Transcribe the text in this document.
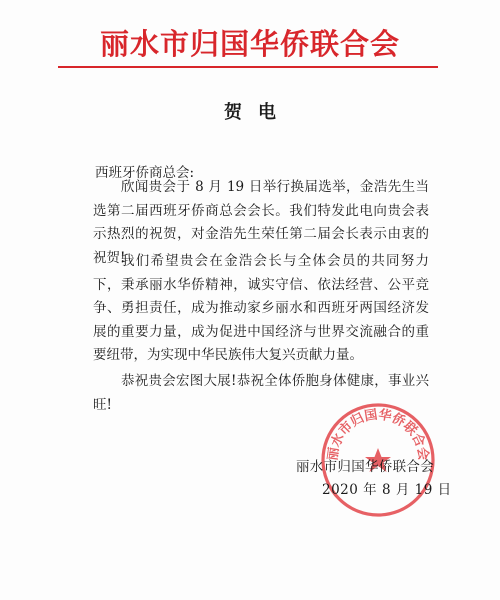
丽水市归国华侨联合会
贺电
西班牙侨商总会:
欣闻贵会于 8 月 19 日举行换届选举，金浩先生当选第二届西班牙侨商总会会长。我们特发此电向贵会表示热烈的祝贺，对金浩先生荣任第二届会长表示由衷的祝贺!
我们希望贵会在金浩会长与全体会员的共同努力下，秉承丽水华侨精神，诚实守信、依法经营、公平竞争、勇担责任，成为推动家乡丽水和西班牙两国经济发展的重要力量，成为促进中国经济与世界交流融合的重要纽带，为实现中华民族伟大复兴贡献力量。
恭祝贵会宏图大展!恭祝全体侨胞身体健康，事业兴旺!
丽水市归国华侨联合会
丽水市归国华侨联合会
2020 年 8 月 19 日
